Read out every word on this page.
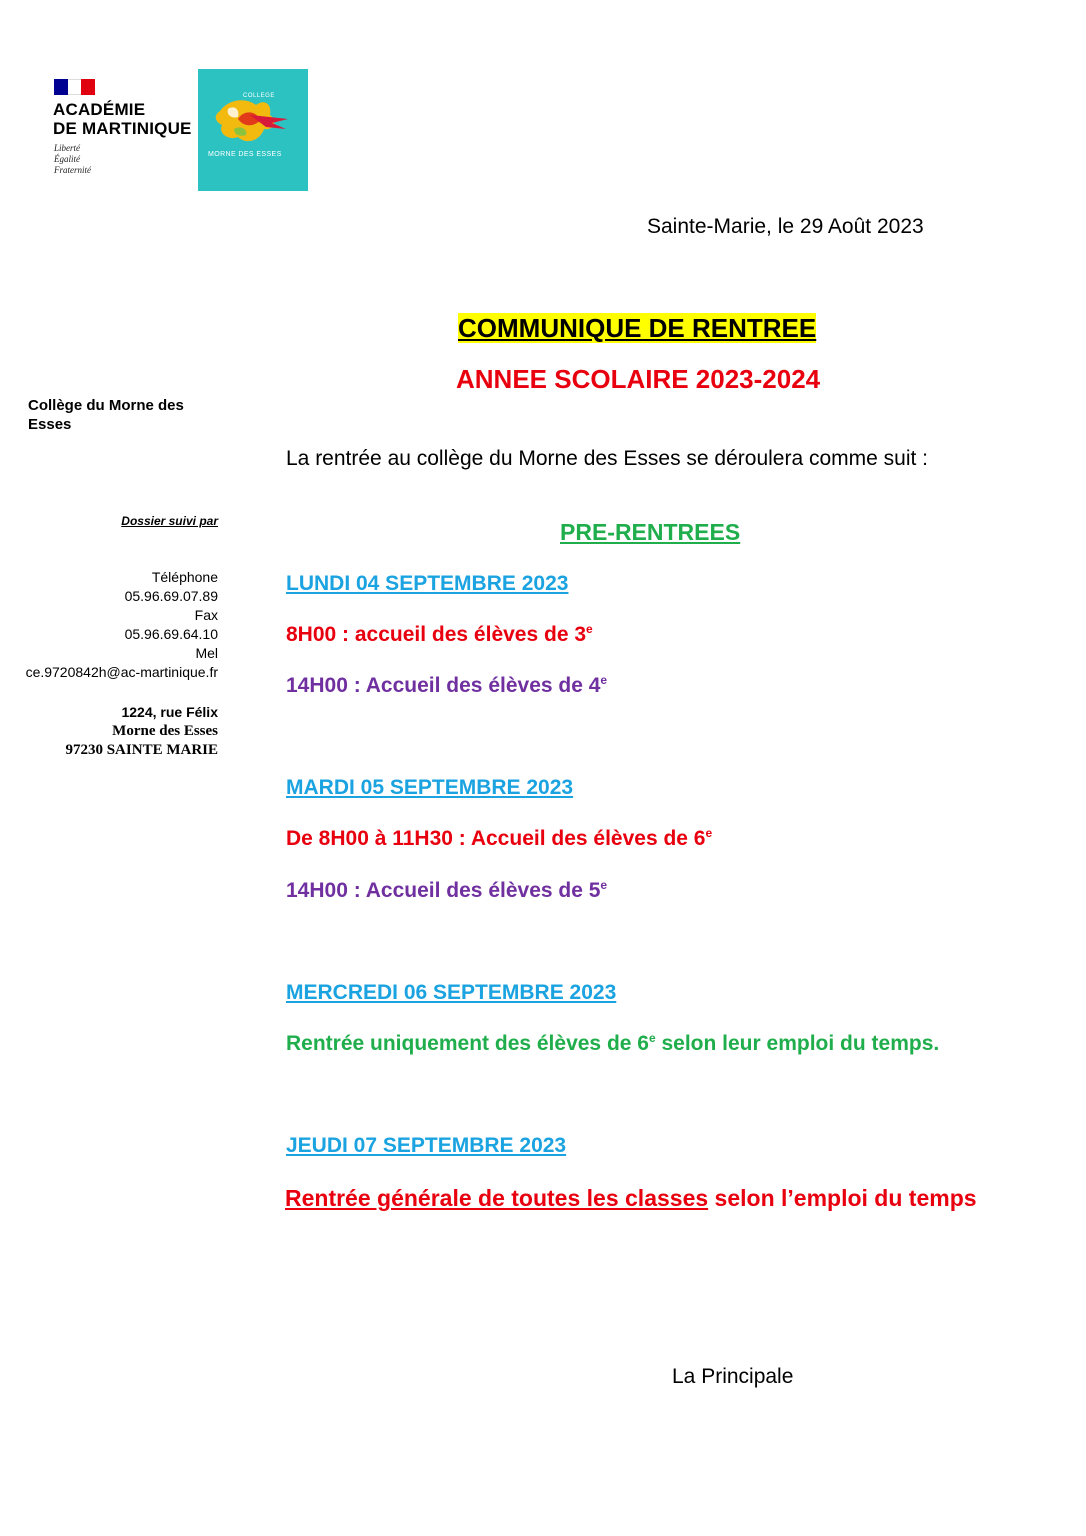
ACADÉMIE
DE MARTINIQUE
Liberté
Égalité
Fraternité
COLLEGE
MORNE DES ESSES
Sainte-Marie, le 29 Août 2023
COMMUNIQUE DE RENTREE
ANNEE SCOLAIRE 2023-2024
Collège du Morne des Esses
Dossier suivi par
Téléphone
05.96.69.07.89
Fax
05.96.69.64.10
Mel
ce.9720842h@ac-martinique.fr
1224, rue Félix
Morne des Esses
97230 SAINTE MARIE
La rentrée au collège du Morne des Esses se déroulera comme suit :
PRE-RENTREES
LUNDI 04 SEPTEMBRE 2023
8H00 : accueil des élèves de 3e
14H00 : Accueil des élèves de 4e
MARDI 05 SEPTEMBRE 2023
De 8H00 à 11H30 : Accueil des élèves de 6e
14H00 : Accueil des élèves de 5e
MERCREDI 06 SEPTEMBRE 2023
Rentrée uniquement des élèves de 6e selon leur emploi du temps.
JEUDI 07 SEPTEMBRE 2023
Rentrée générale de toutes les classes selon l’emploi du temps
La Principale
